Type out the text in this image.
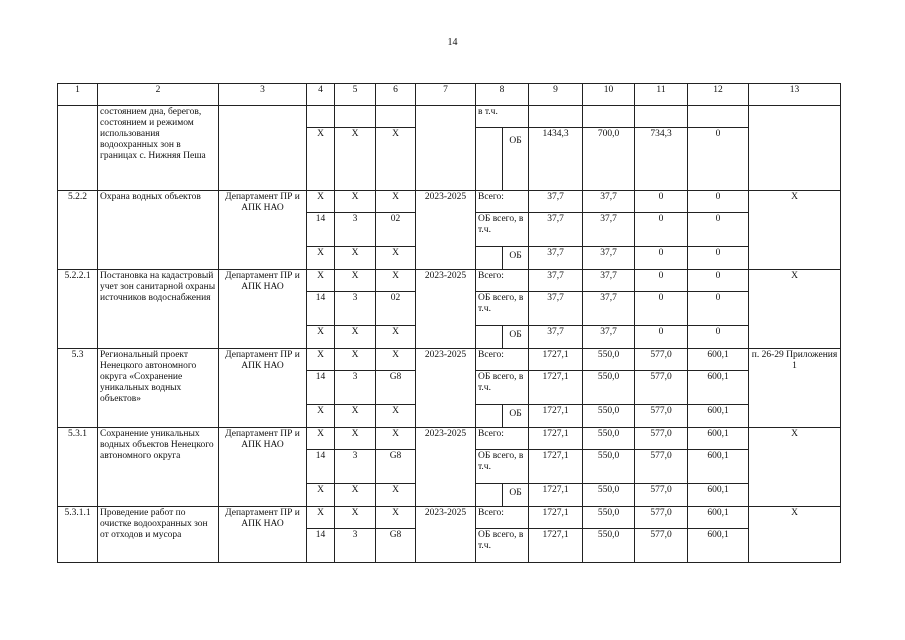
14
1	2	3	4	5	6	7	8	9	10	11	12	13
	состоянием дна, берегов, состоянием и режимом использования водоохранных зон в границах с. Нижняя Пеша						в т.ч.					
			Х	Х	Х		ОБ	1434,3	700,0	734,3	0	
5.2.2	Охрана водных объектов	Департамент ПР и АПК НАО	Х	Х	Х	2023-2025	Всего:	37,7	37,7	0	0	Х
			14	3	02		ОБ всего, в т.ч.	37,7	37,7	0	0	
			Х	Х	Х		ОБ	37,7	37,7	0	0	
5.2.2.1	Постановка на кадастровый учет зон санитарной охраны источников водоснабжения	Департамент ПР и АПК НАО	Х	Х	Х	2023-2025	Всего:	37,7	37,7	0	0	Х
			14	3	02		ОБ всего, в т.ч.	37,7	37,7	0	0	
			Х	Х	Х		ОБ	37,7	37,7	0	0	
5.3	Региональный проект Ненецкого автономного округа «Сохранение уникальных водных объектов»	Департамент ПР и АПК НАО	Х	Х	Х	2023-2025	Всего:	1727,1	550,0	577,0	600,1	п. 26-29 Приложения 1
			14	3	G8		ОБ всего, в т.ч.	1727,1	550,0	577,0	600,1	
			Х	Х	Х		ОБ	1727,1	550,0	577,0	600,1	
5.3.1	Сохранение уникальных водных объектов Ненецкого автономного округа	Департамент ПР и АПК НАО	Х	Х	Х	2023-2025	Всего:	1727,1	550,0	577,0	600,1	Х
			14	3	G8		ОБ всего, в т.ч.	1727,1	550,0	577,0	600,1	
			Х	Х	Х		ОБ	1727,1	550,0	577,0	600,1	
5.3.1.1	Проведение работ по очистке водоохранных зон от отходов и мусора	Департамент ПР и АПК НАО	Х	Х	Х	2023-2025	Всего:	1727,1	550,0	577,0	600,1	Х
			14	3	G8		ОБ всего, в т.ч.	1727,1	550,0	577,0	600,1	
